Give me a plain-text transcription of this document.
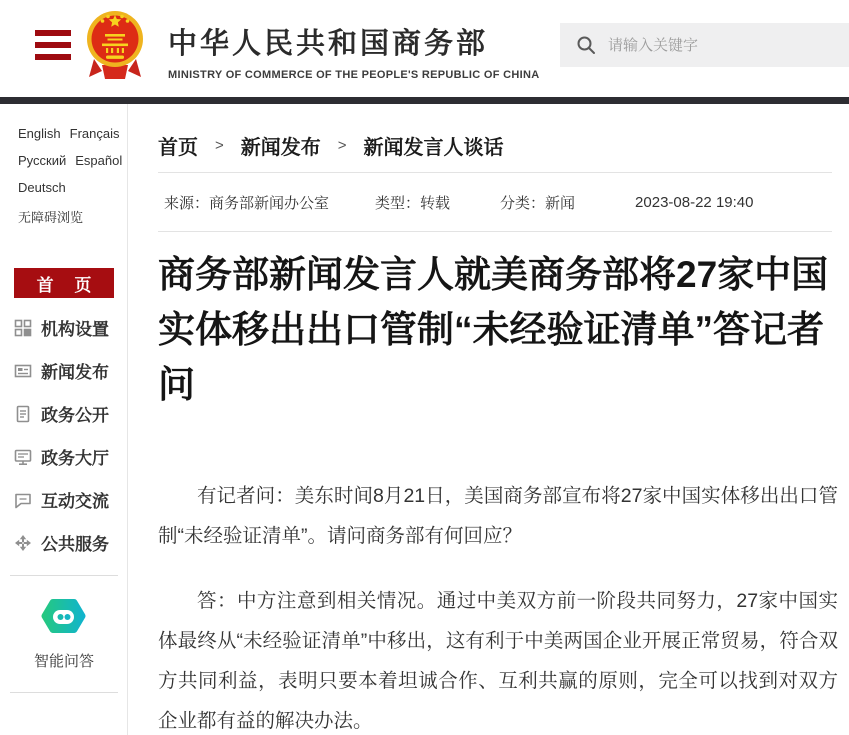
中华人民共和国商务部
MINISTRY OF COMMERCE OF THE PEOPLE'S REPUBLIC OF CHINA
请输入关键字
English Français
Русский Español
Deutsch
无障碍浏览
首 页
机构设置
新闻发布
政务公开
政务大厅
互动交流
公共服务
智能问答
首页 > 新闻发布 > 新闻发言人谈话
来源：商务部新闻办公室	类型：转载	分类：新闻	2023-08-22 19:40
商务部新闻发言人就美商务部将27家中国实体移出出口管制“未经验证清单”答记者问

有记者问：美东时间8月21日，美国商务部宣布将27家中国实体移出出口管制“未经验证清单”。请问商务部有何回应？

答：中方注意到相关情况。通过中美双方前一阶段共同努力，27家中国实体最终从“未经验证清单”中移出，这有利于中美两国企业开展正常贸易，符合双方共同利益，表明只要本着坦诚合作、互利共赢的原则，完全可以找到对双方企业都有益的解决办法。
